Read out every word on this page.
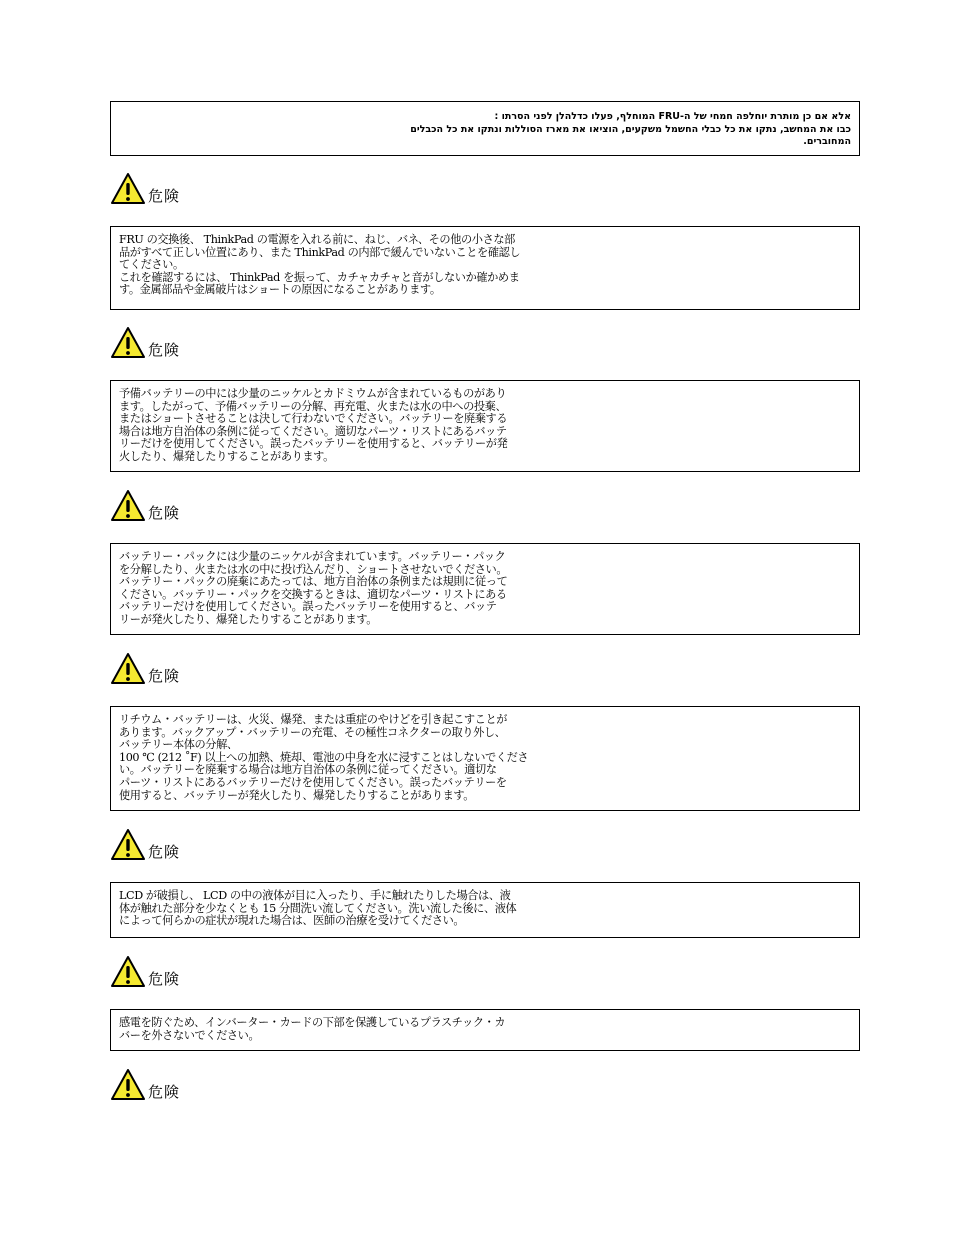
אלא אם כן מותרת יוחלפה חמחי של ה-FRU המוחלף, פעלו כדלהלן לפני הסרתו :

כבו את המחשב, נתקו את כל כבלי החשמל משקעים, הוציאו את מארז הסוללות ונתקו את כל הכבלים

המחוברים.

危険

FRU の交換後、 ThinkPad の電源を入れる前に、ねじ、バネ、その他の小さな部
品がすべて正しい位置にあり、また ThinkPad の内部で緩んでいないことを確認し
てください。
これを確認するには、 ThinkPad を振って、カチャカチャと音がしないか確かめま
す。金属部品や金属破片はショートの原因になることがあります。

危険

予備バッテリーの中には少量のニッケルとカドミウムが含まれているものがあり
ます。したがって、予備バッテリーの分解、再充電、火または水の中への投棄、
またはショートさせることは決して行わないでください。バッテリーを廃棄する
場合は地方自治体の条例に従ってください。適切なパーツ・リストにあるバッテ
リーだけを使用してください。誤ったバッテリーを使用すると、バッテリーが発
火したり、爆発したりすることがあります。

危険

バッテリー・パックには少量のニッケルが含まれています。バッテリー・パック
を分解したり、火または水の中に投げ込んだり、ショートさせないでください。
バッテリー・パックの廃棄にあたっては、地方自治体の条例または規則に従って
ください。バッテリー・パックを交換するときは、適切なパーツ・リストにある
バッテリーだけを使用してください。誤ったバッテリーを使用すると、バッテ
リーが発火したり、爆発したりすることがあります。

危険

リチウム・バッテリーは、火災、爆発、または重症のやけどを引き起こすことが
あります。バックアップ・バッテリーの充電、その極性コネクターの取り外し、
バッテリー本体の分解、
100 ℃ (212 ˚F) 以上への加熱、焼却、電池の中身を水に浸すことはしないでくださ
い。バッテリーを廃棄する場合は地方自治体の条例に従ってください。適切な
パーツ・リストにあるバッテリーだけを使用してください。誤ったバッテリーを
使用すると、バッテリーが発火したり、爆発したりすることがあります。

危険

LCD が破損し、 LCD の中の液体が目に入ったり、手に触れたりした場合は、液
体が触れた部分を少なくとも 15 分間洗い流してください。洗い流した後に、液体
によって何らかの症状が現れた場合は、医師の治療を受けてください。

危険

感電を防ぐため、インバーター・カードの下部を保護しているプラスチック・カ
バーを外さないでください。

危険
